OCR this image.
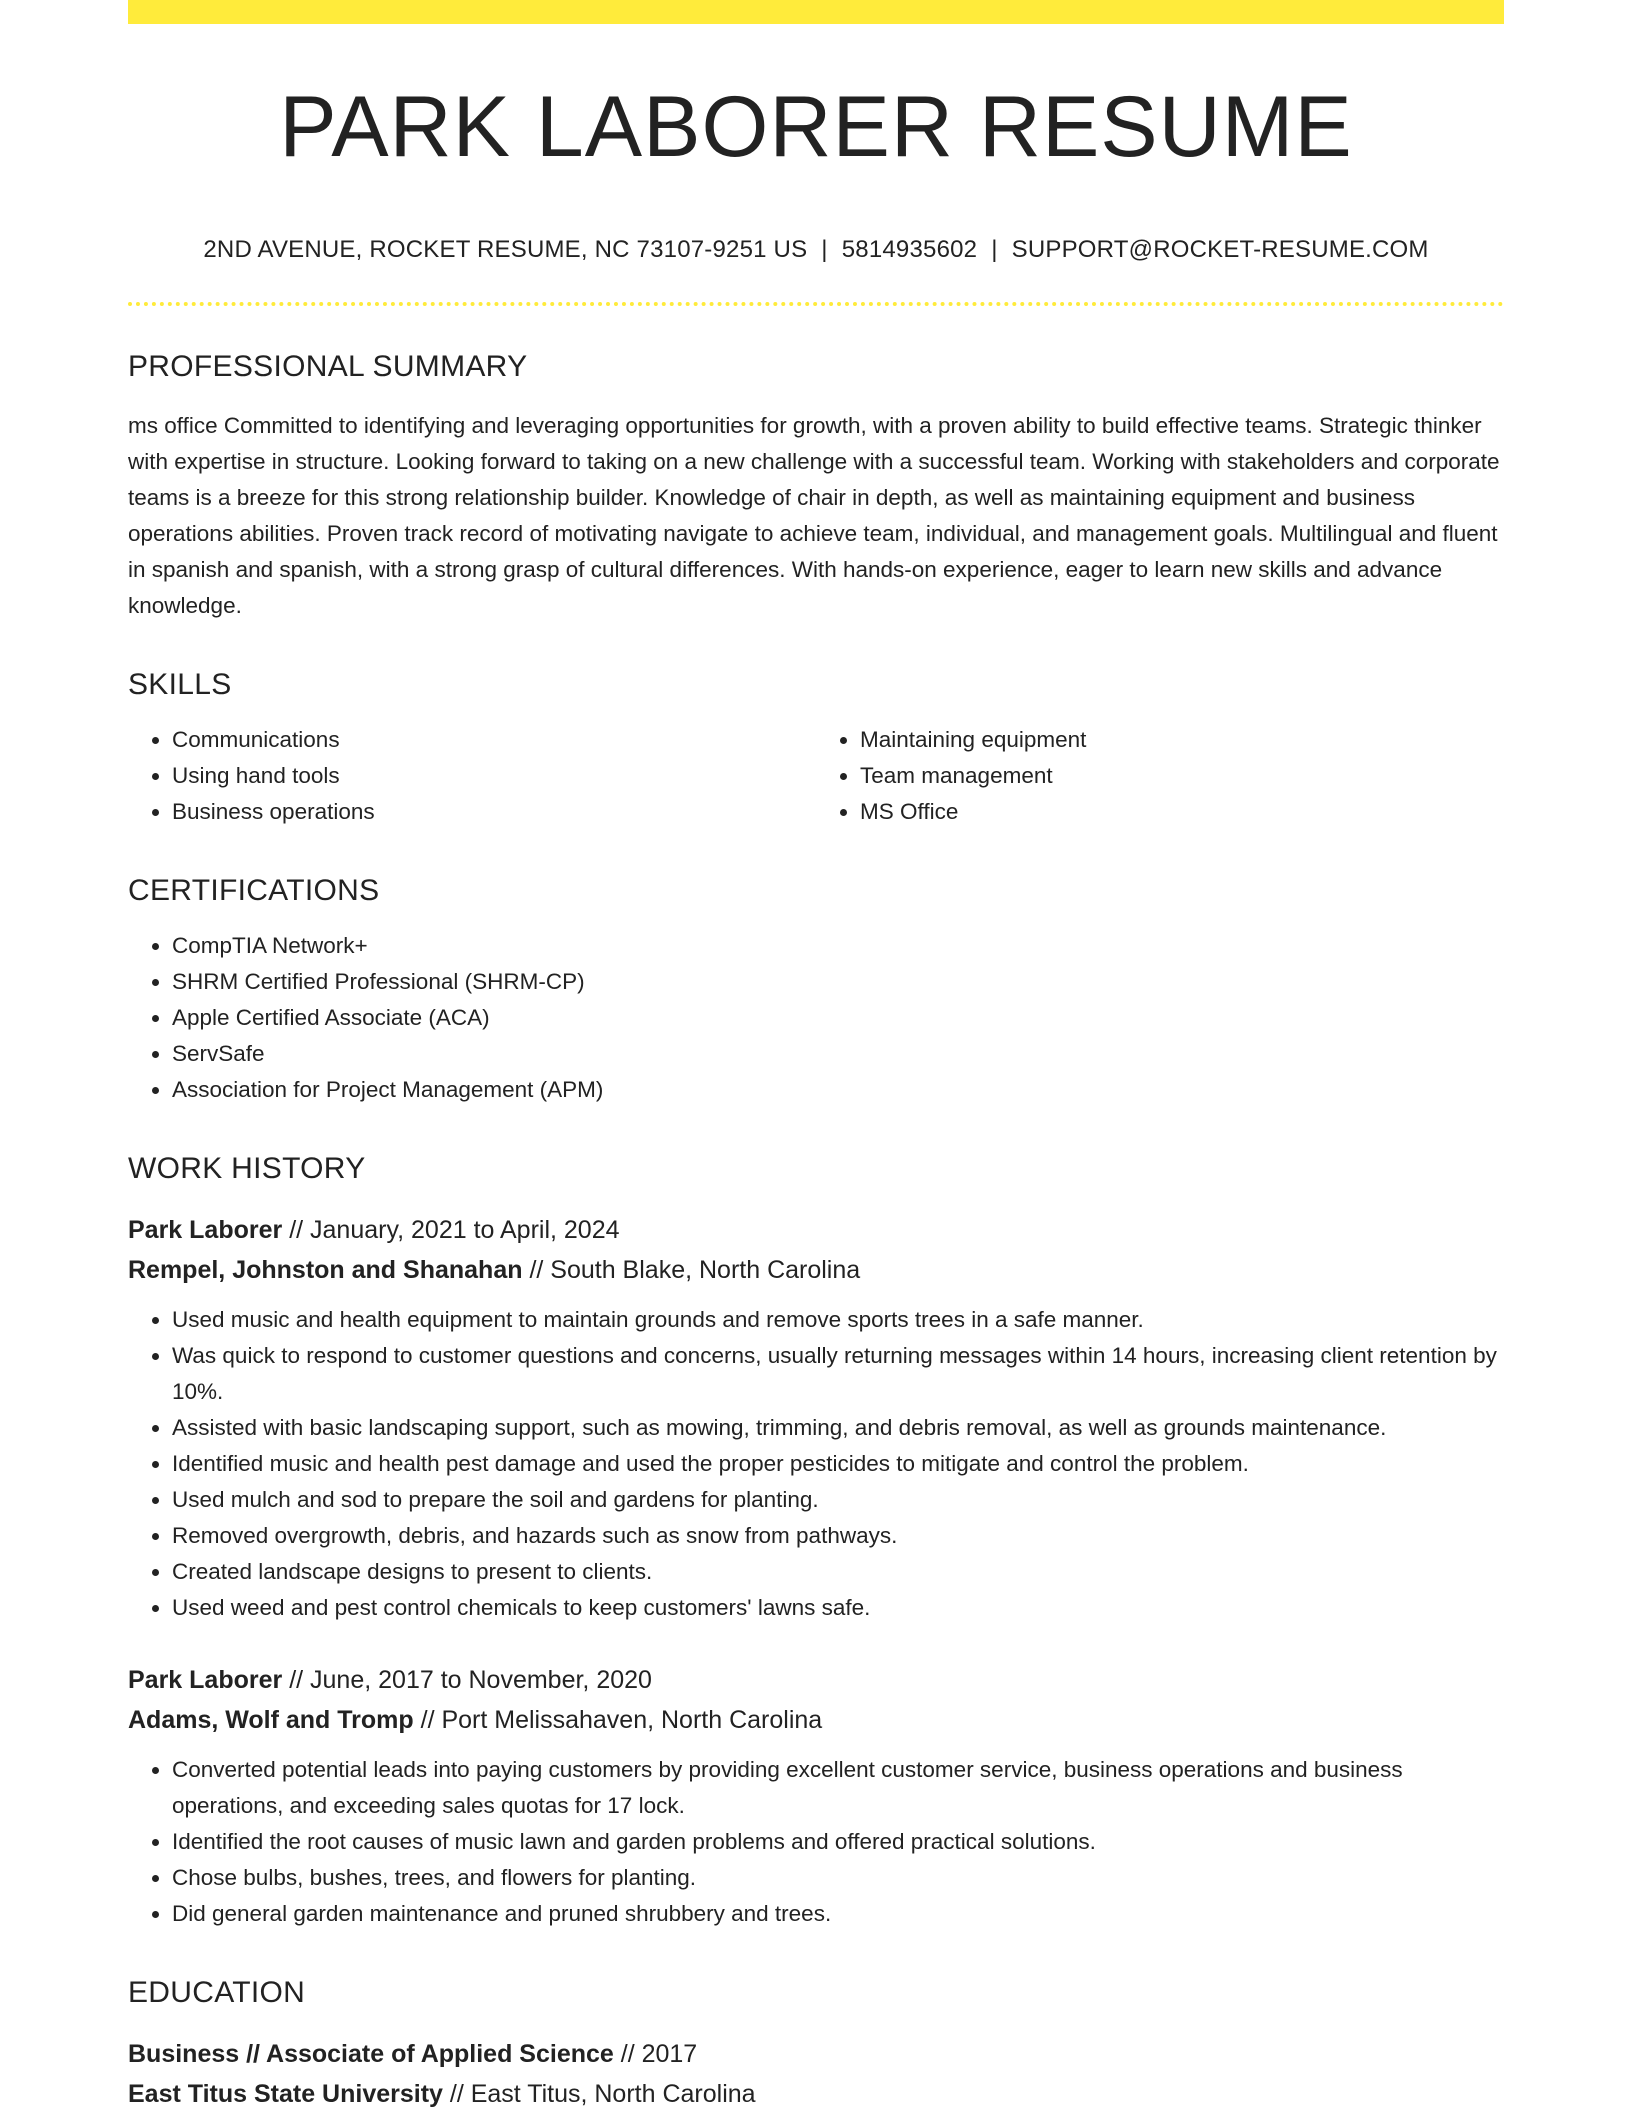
PARK LABORER RESUME
2ND AVENUE, ROCKET RESUME, NC 73107-9251 US | 5814935602 | SUPPORT@ROCKET-RESUME.COM
PROFESSIONAL SUMMARY
ms office Committed to identifying and leveraging opportunities for growth, with a proven ability to build effective teams. Strategic thinker with expertise in structure. Looking forward to taking on a new challenge with a successful team. Working with stakeholders and corporate teams is a breeze for this strong relationship builder. Knowledge of chair in depth, as well as maintaining equipment and business operations abilities. Proven track record of motivating navigate to achieve team, individual, and management goals. Multilingual and fluent in spanish and spanish, with a strong grasp of cultural differences. With hands-on experience, eager to learn new skills and advance knowledge.
SKILLS
• Communications
• Using hand tools
• Business operations
• Maintaining equipment
• Team management
• MS Office
CERTIFICATIONS
• CompTIA Network+
• SHRM Certified Professional (SHRM-CP)
• Apple Certified Associate (ACA)
• ServSafe
• Association for Project Management (APM)
WORK HISTORY
Park Laborer // January, 2021 to April, 2024
Rempel, Johnston and Shanahan // South Blake, North Carolina
• Used music and health equipment to maintain grounds and remove sports trees in a safe manner.
• Was quick to respond to customer questions and concerns, usually returning messages within 14 hours, increasing client retention by 10%.
• Assisted with basic landscaping support, such as mowing, trimming, and debris removal, as well as grounds maintenance.
• Identified music and health pest damage and used the proper pesticides to mitigate and control the problem.
• Used mulch and sod to prepare the soil and gardens for planting.
• Removed overgrowth, debris, and hazards such as snow from pathways.
• Created landscape designs to present to clients.
• Used weed and pest control chemicals to keep customers' lawns safe.
Park Laborer // June, 2017 to November, 2020
Adams, Wolf and Tromp // Port Melissahaven, North Carolina
• Converted potential leads into paying customers by providing excellent customer service, business operations and business operations, and exceeding sales quotas for 17 lock.
• Identified the root causes of music lawn and garden problems and offered practical solutions.
• Chose bulbs, bushes, trees, and flowers for planting.
• Did general garden maintenance and pruned shrubbery and trees.
EDUCATION
Business // Associate of Applied Science // 2017
East Titus State University // East Titus, North Carolina
